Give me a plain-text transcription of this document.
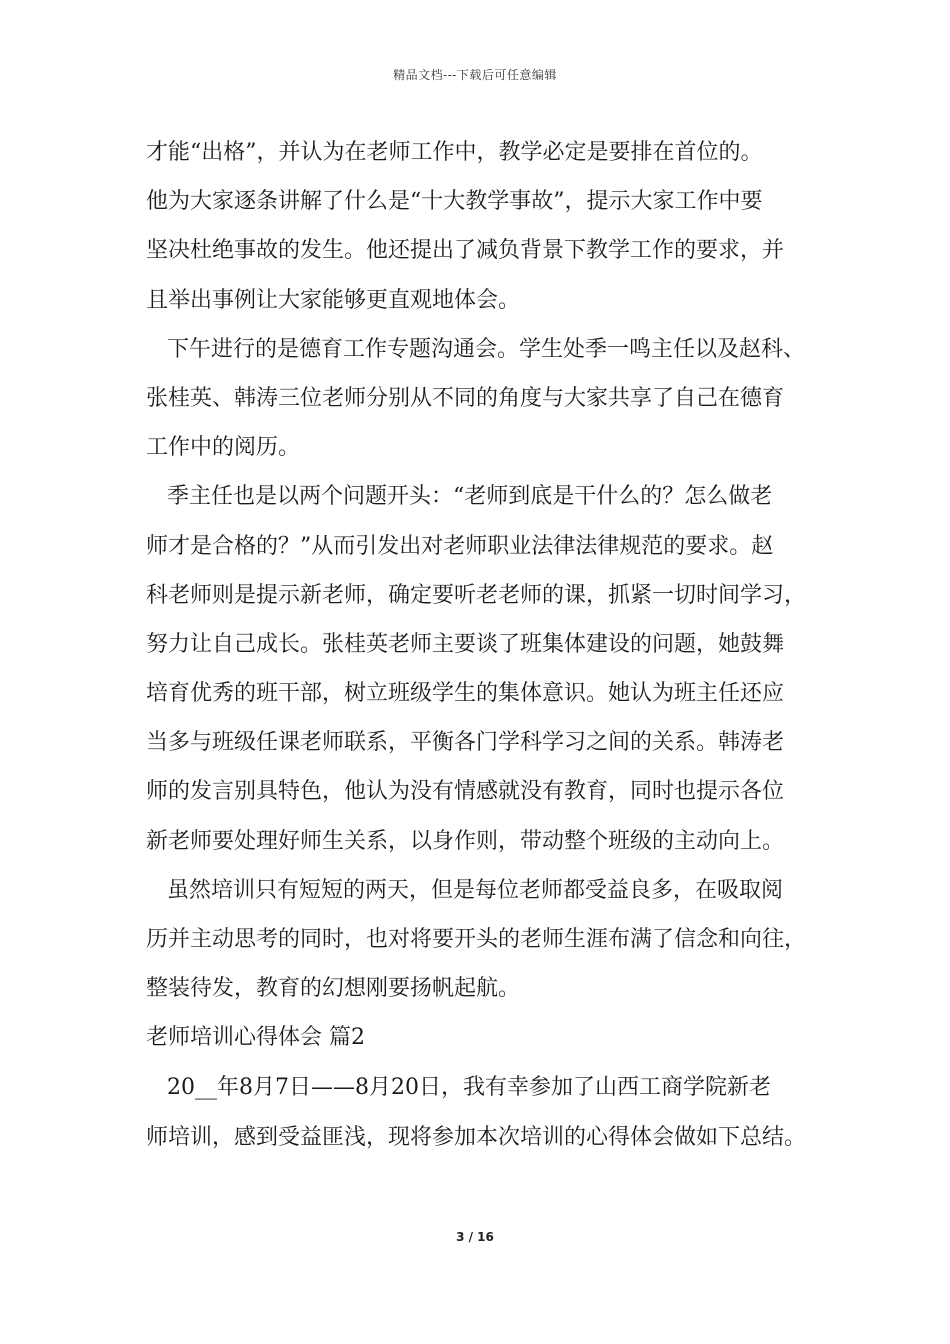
精品文档---下载后可任意编辑
才能“出格”，并认为在老师工作中，教学必定是要排在首位的。
他为大家逐条讲解了什么是“十大教学事故”，提示大家工作中要
坚决杜绝事故的发生。他还提出了减负背景下教学工作的要求，并
且举出事例让大家能够更直观地体会。
下午进行的是德育工作专题沟通会。学生处季一鸣主任以及赵科、
张桂英、韩涛三位老师分别从不同的角度与大家共享了自己在德育
工作中的阅历。
季主任也是以两个问题开头：“老师到底是干什么的？怎么做老
师才是合格的？”从而引发出对老师职业法律法律规范的要求。赵
科老师则是提示新老师，确定要听老老师的课，抓紧一切时间学习，
努力让自己成长。张桂英老师主要谈了班集体建设的问题，她鼓舞
培育优秀的班干部，树立班级学生的集体意识。她认为班主任还应
当多与班级任课老师联系，平衡各门学科学习之间的关系。韩涛老
师的发言别具特色，他认为没有情感就没有教育，同时也提示各位
新老师要处理好师生关系，以身作则，带动整个班级的主动向上。
虽然培训只有短短的两天，但是每位老师都受益良多，在吸取阅
历并主动思考的同时，也对将要开头的老师生涯布满了信念和向往，
整装待发，教育的幻想刚要扬帆起航。
老师培训心得体会 篇2
20__年8月7日——8月20日，我有幸参加了山西工商学院新老
师培训，感到受益匪浅，现将参加本次培训的心得体会做如下总结。
3 / 16
